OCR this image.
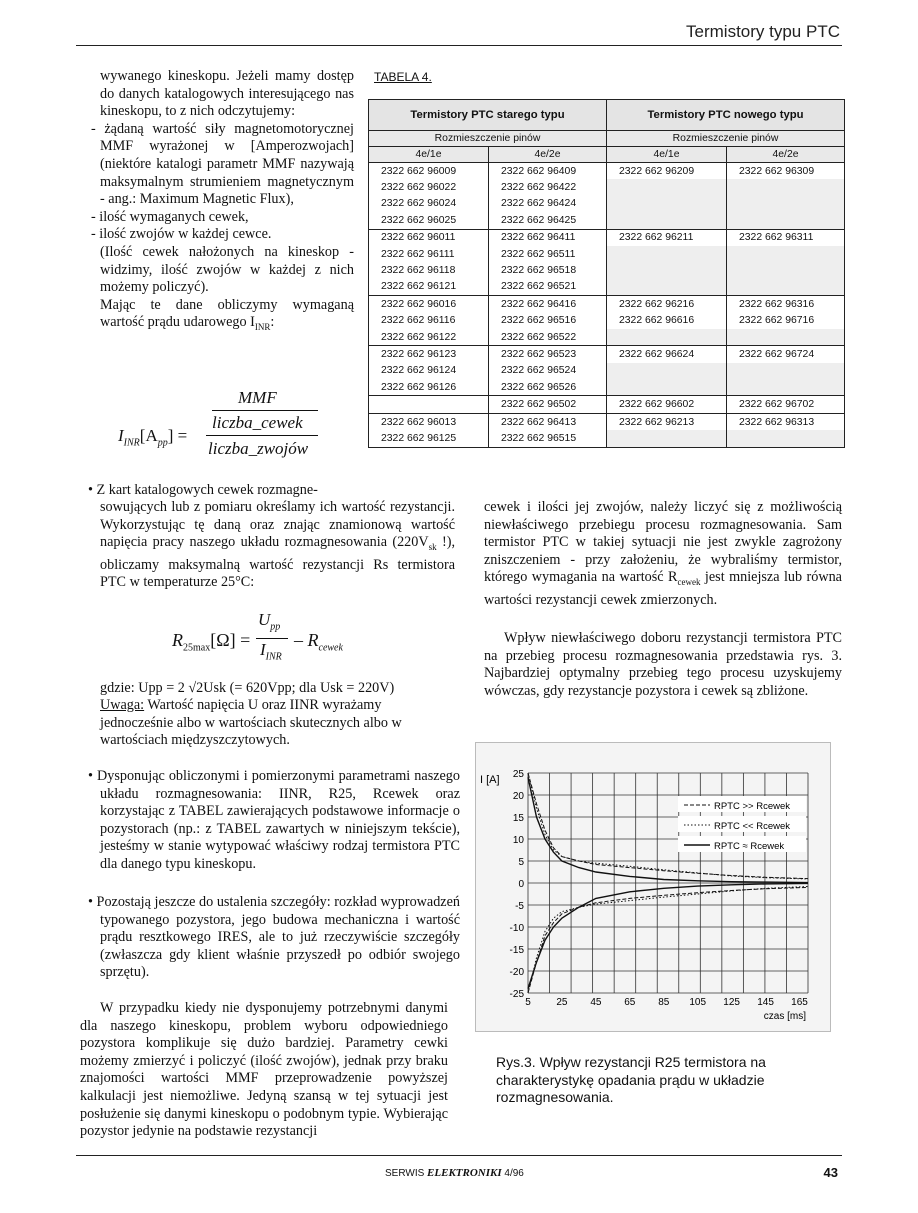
Termistory typu PTC

wywanego kineskopu. Jeżeli mamy dostęp do danych katalogowych interesującego nas kineskopu, to z nich odczytujemy:

- żądaną wartość siły magnetomotorycznej MMF wyrażonej w [Amperozwojach] (niektóre katalogi parametr MMF nazywają maksymalnym strumieniem magnetycznym - ang.: Maximum Magnetic Flux),

- ilość wymaganych cewek,

- ilość zwojów w każdej cewce.

(Ilość cewek nałożonych na kineskop - widzimy, ilość zwojów w każdej z nich możemy policzyć).

Mając te dane obliczymy wymaganą wartość prądu udarowego $I_{INR}$:

MMF
liczba_cewek
$I_{INR}[A_{pp}]$ =
liczba_zwojów
TABELA 4.
Termistory PTC starego typu		Termistory PTC nowego typu	
Rozmieszczenie pinów		Rozmieszczenie pinów	
4e/1e	4e/2e	4e/1e	4e/2e
2322 662 96009	2322 662 96409	2322 662 96209	2322 662 96309
2322 662 96022	2322 662 96422		
2322 662 96024	2322 662 96424		
2322 662 96025	2322 662 96425		
2322 662 96011	2322 662 96411	2322 662 96211	2322 662 96311
2322 662 96111	2322 662 96511		
2322 662 96118	2322 662 96518		
2322 662 96121	2322 662 96521		
2322 662 96016	2322 662 96416	2322 662 96216	2322 662 96316
2322 662 96116	2322 662 96516	2322 662 96616	2322 662 96716
2322 662 96122	2322 662 96522		
2322 662 96123	2322 662 96523	2322 662 96624	2322 662 96724
2322 662 96124	2322 662 96524		
2322 662 96126	2322 662 96526		
	2322 662 96502	2322 662 96602	2322 662 96702
2322 662 96013	2322 662 96413	2322 662 96213	2322 662 96313
2322 662 96125	2322 662 96515		

• Z kart katalogowych cewek rozmagne-

sowujących lub z pomiaru określamy ich wartość rezystancji. Wykorzystując tę daną oraz znając znamionową wartość napięcia pracy naszego układu rozmagnesowania ($220V_{sk}$ !), obliczamy maksymalną wartość rezystancji Rs termistora PTC w temperaturze 25°C:

$R_{25max}[\Omega]$ =
$U_{pp}$
$I_{INR}$
– $R_{cewek}$
gdzie: Upp = 2 √2Usk (= 620Vpp; dla Usk = 220V)

Uwaga: Wartość napięcia U oraz IINR wyrażamy jednocześnie albo w wartościach skutecznych albo w wartościach międzyszczytowych.

• Dysponując obliczonymi i pomierzonymi parametrami naszego układu rozmagnesowania: IINR, R25, Rcewek oraz korzystając z TABEL zawierających podstawowe informacje o pozystorach (np.: z TABEL zawartych w niniejszym tekście), jesteśmy w stanie wytypować właściwy rodzaj termistora PTC dla danego typu kineskopu.
• Pozostają jeszcze do ustalenia szczegóły: rozkład wyprowadzeń typowanego pozystora, jego budowa mechaniczna i wartość prądu resztkowego IRES, ale to już rzeczywiście szczegóły (zwłaszcza gdy klient właśnie przyszedł po odbiór swojego sprzętu).
W przypadku kiedy nie dysponujemy potrzebnymi danymi dla naszego kineskopu, problem wyboru odpowiedniego pozystora komplikuje się dużo bardziej. Parametry cewki możemy zmierzyć i policzyć (ilość zwojów), jednak przy braku znajomości wartości MMF przeprowadzenie powyższej kalkulacji jest niemożliwe. Jedyną szansą w tej sytuacji jest posłużenie się danymi kineskopu o podobnym typie. Wybierając pozystor jedynie na podstawie rezystancji

cewek i ilości jej zwojów, należy liczyć się z możliwością niewłaściwego przebiegu procesu rozmagnesowania. Sam termistor PTC w takiej sytuacji nie jest zwykle zagrożony zniszczeniem - przy założeniu, że wybraliśmy termistor, którego wymagania na wartość $R_{cewek}$ jest mniejsza lub równa wartości rezystancji cewek zmierzonych.

Wpływ niewłaściwego doboru rezystancji termistora PTC na przebieg procesu rozmagnesowania przedstawia rys. 3. Najbardziej optymalny przebieg tego procesu uzyskujemy wówczas, gdy rezystancje pozystora i cewek są zbliżone.
25
20
15
10
5
0
-5
-10
-15
-20
-25
5	25 45 65 85 105 125 145 165
I [A]
czas [ms]
RPTC >> Rcewek
RPTC << Rcewek
RPTC ≈ Rcewek
Rys.3. Wpływ rezystancji R25 termistora na charakterystykę opadania prądu w układzie rozmagnesowania.
SERWIS ELEKTRONIKI 4/96	43
